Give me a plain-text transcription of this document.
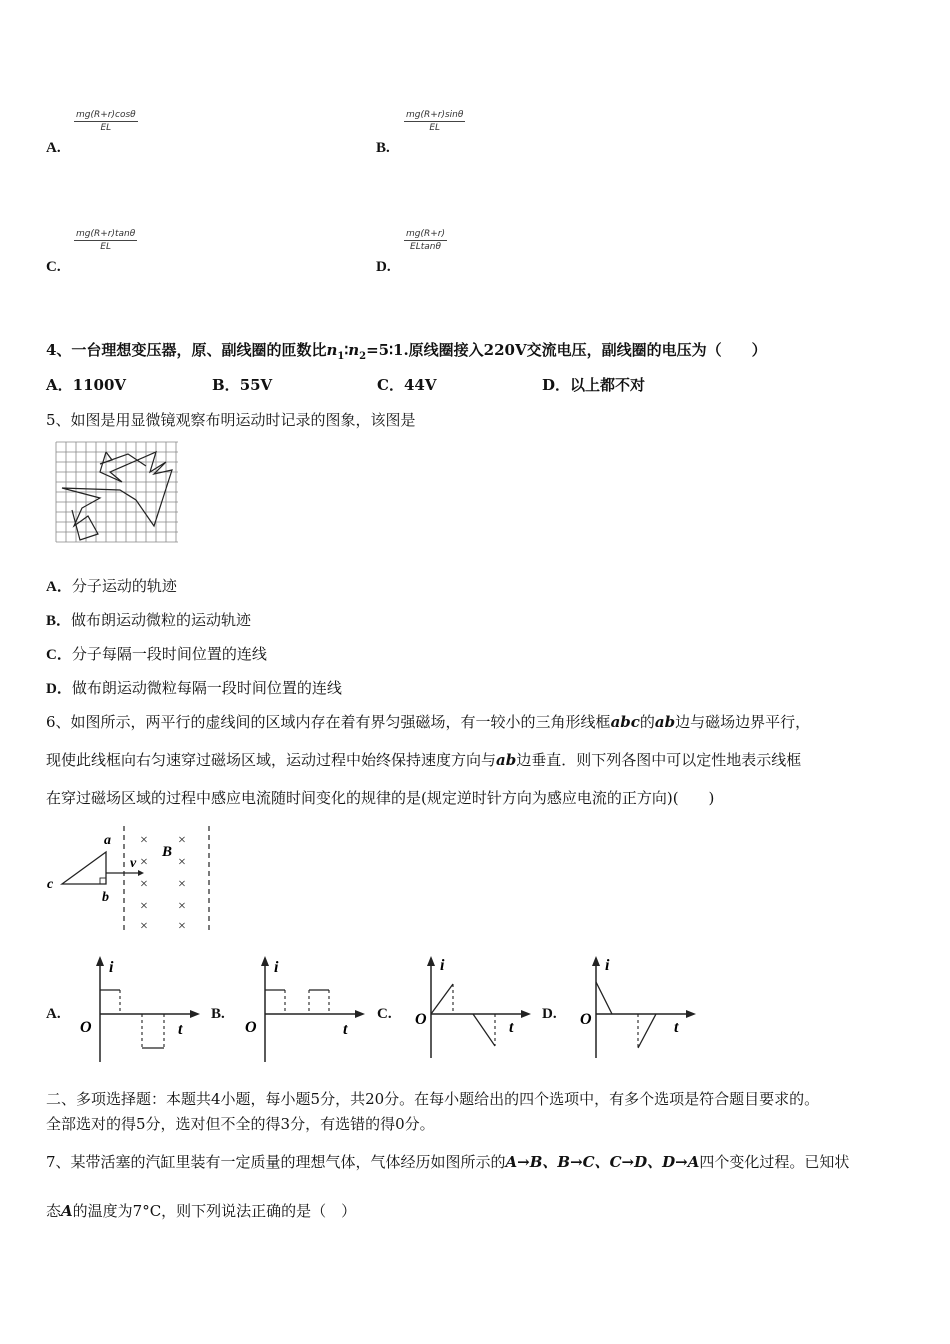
$\frac{mg(R+r)\cos\theta}{EL}$
A.
$\frac{mg(R+r)\sin\theta}{EL}$
B.
$\frac{mg(R+r)\tan\theta}{EL}$
C.
$\frac{mg(R+r)}{ELtan\theta}$
D.
4、一台理想变压器，原、副线圈的匝数比$n_1∶n_2=5∶1$.原线圈接入220V交流电压，副线圈的电压为（　　）
A．1100V	B．55V	C．44V	D．以上都不对
5、如图是用显微镜观察布明运动时记录的图象，该图是
A．分子运动的轨迹
B．做布朗运动微粒的运动轨迹
C．分子每隔一段时间位置的连线
D．做布朗运动微粒每隔一段时间位置的连线
6、如图所示，两平行的虚线间的区域内存在着有界匀强磁场，有一较小的三角形线框abc的ab边与磁场边界平行，
现使此线框向右匀速穿过磁场区域，运动过程中始终保持速度方向与ab边垂直．则下列各图中可以定性地表示线框
在穿过磁场区域的过程中感应电流随时间变化的规律的是(规定逆时针方向为感应电流的正方向)(　　)
a
b
c
v
B
× ×
× ×
× ×
× ×
× ×
A.
i
t
O
B.
i
t
O
C.
i
t
O	D.
i
t
O
二、多项选择题：本题共4小题，每小题5分，共20分。在每小题给出的四个选项中，有多个选项是符合题目要求的。
全部选对的得5分，选对但不全的得3分，有选错的得0分。
7、某带活塞的汽缸里装有一定质量的理想气体，气体经历如图所示的A→B、B→C、C→D、D→A四个变化过程。已知状
态A的温度为7°C，则下列说法正确的是（　）
